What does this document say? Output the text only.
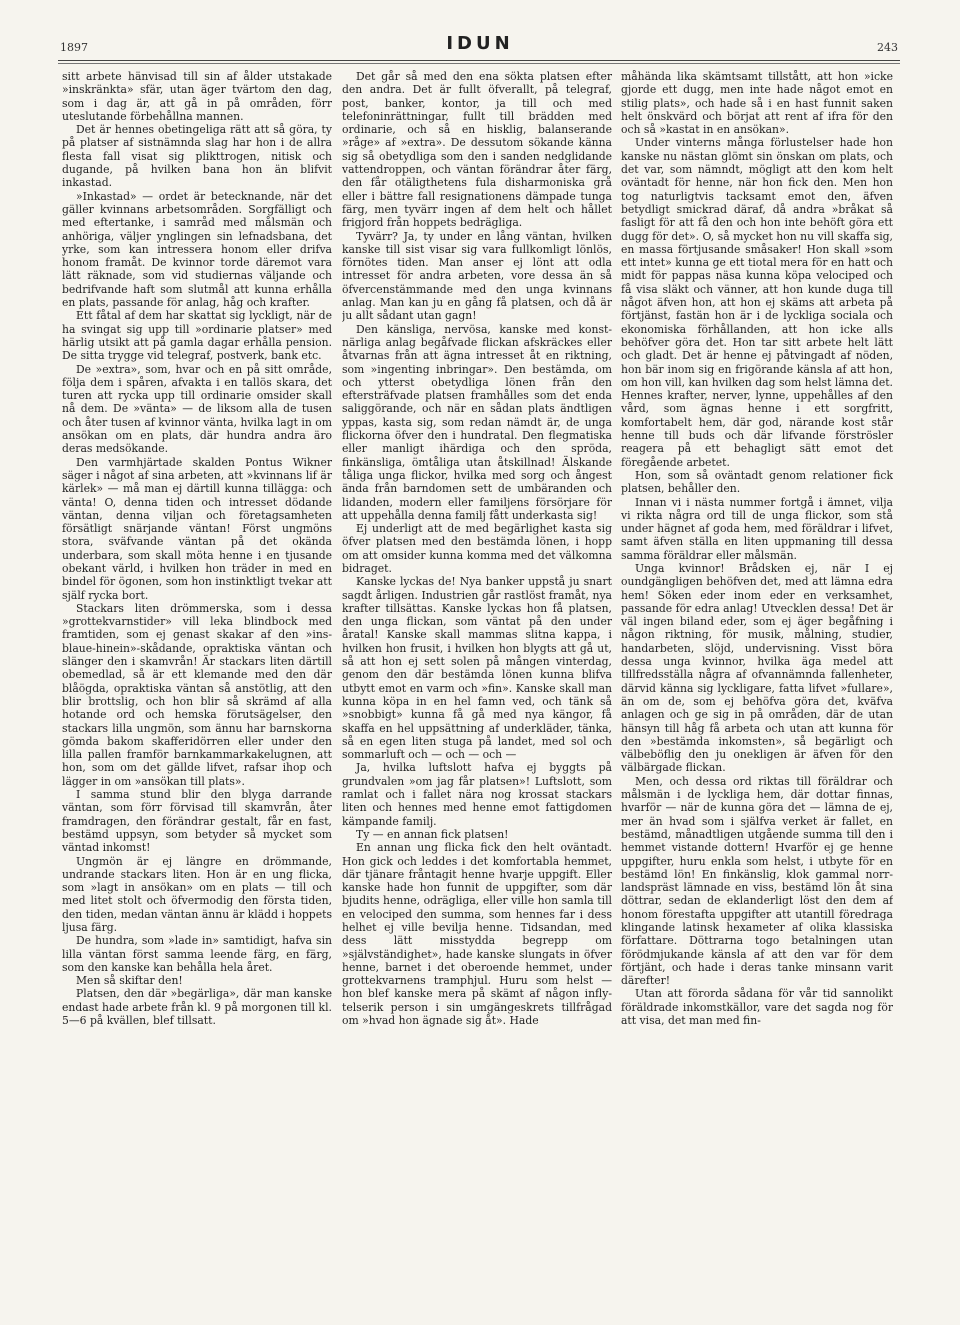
1897	IDUN	243

sitt arbete hänvisad till sin af ålder utstakade »inskränkta» sfär, utan äger tvärtom den dag, som i dag är, att gå in på områden, förr uteslutande förbehållna mannen.

Det är hennes obetingeliga rätt att så göra, ty på platser af sistnämnda slag har hon i de allra flesta fall visat sig plikttrogen, nitisk och dugande, på hvilken bana hon än blifvit inkastad.

»Inkastad» — ordet är betecknande, när det gäller kvinnans arbetsområden. Sorgfälligt och med eftertanke, i samråd med målsmän och anhöriga, väljer ynglingen sin lefnadsbana, det yrke, som kan intressera honom eller drifva honom framåt. De kvinnor torde däremot vara lätt räknade, som vid studiernas väljande och bedrifvande haft som slutmål att kunna erhålla en plats, passande för anlag, håg och krafter.

Ett fåtal af dem har skattat sig lyckligt, när de ha svingat sig upp till »ordinarie platser» med härlig utsikt att på gamla dagar erhålla pension. De sitta trygge vid telegraf, postverk, bank etc.

De »extra», som, hvar och en på sitt område, följa dem i spåren, afvakta i en tallös skara, det turen att rycka upp till ordinarie omsider skall nå dem. De »vänta» — de liksom alla de tusen och åter tusen af kvinnor vänta, hvilka lagt in om ansökan om en plats, där hundra andra äro deras medsökande.

Den varmhjärtade skalden Pontus Wikner säger i något af sina arbeten, att »kvinnans lif är kärlek» — må man ej därtill kunna tillägga: och vänta! O, denna tiden och intresset dödande väntan, denna viljan och företagsamheten försätligt snärjande väntan! Först ungmöns stora, sväfvande väntan på det okända underbara, som skall möta henne i en tjusande obekant värld, i hvilken hon träder in med en bindel för ögonen, som hon instinktligt tvekar att själf rycka bort.

Stackars liten drömmerska, som i dessa »grottekvarnstider» vill leka blindbock med framtiden, som ej genast skakar af den »ins-blaue-hinein»-skådande, opraktiska väntan och slänger den i skamvrån! Är stackars liten därtill obemedlad, så är ett klemande med den där blåögda, opraktiska väntan så anstötlig, att den blir brottslig, och hon blir så skrämd af alla hotande ord och hemska förutsägelser, den stackars lilla ungmön, som ännu har barnskorna gömda bakom skafferidörren eller under den lilla pallen framför barnkammarkakelugnen, att hon, som om det gällde lifvet, rafsar ihop och lägger in om »ansökan till plats».

I samma stund blir den blyga darrande väntan, som förr förvisad till skamvrån, åter framdragen, den förändrar gestalt, får en fast, bestämd uppsyn, som betyder så mycket som väntad inkomst!

Ungmön är ej längre en drömmande, undrande stackars liten. Hon är en ung flicka, som »lagt in ansökan» om en plats — till och med litet stolt och öfvermodig den första tiden, den tiden, medan väntan ännu är klädd i hoppets ljusa färg.

De hundra, som »lade in» samtidigt, hafva sin lilla väntan först samma leende färg, en färg, som den kanske kan behålla hela året.

Men så skiftar den!

Platsen, den där »begärliga», där man kanske endast hade arbete från kl. 9 på morgonen till kl. 5—6 på kvällen, blef tillsatt.

Det går så med den ena sökta platsen efter den andra. Det är fullt öfverallt, på telegraf, post, banker, kontor, ja till och med telefoninrättningar, fullt till brädden med ordinarie, och så en hisklig, balanserande »råge» af »extra». De dessutom sökande känna sig så obetydliga som den i sanden nedglidande vattendroppen, och väntan förändrar åter färg, den får otäligthetens fula disharmoniska grå eller i bättre fall resignationens dämpade tunga färg, men tyvärr ingen af dem helt och hållet frigjord från hoppets bedrägliga.

Tyvärr? Ja, ty under en lång väntan, hvilken kanske till sist visar sig vara fullkomligt lönlös, förnötes tiden. Man anser ej lönt att odla intresset för andra arbeten, vore dessa än så öfvercenstämmande med den unga kvinnans anlag. Man kan ju en gång få platsen, och då är ju allt sådant utan gagn!

Den känsliga, nervösa, kanske med konstnärliga anlag begåfvade flickan afskräckes eller åtvarnas från att ägna intresset åt en riktning, som »ingenting inbringar». Den bestämda, om och ytterst obetydliga lönen från den eftersträfvade platsen framhålles som det enda saliggörande, och när en sådan plats ändtligen yppas, kasta sig, som redan nämdt är, de unga flickorna öfver den i hundratal. Den flegmatiska eller manligt ihärdiga och den spröda, finkänsliga, ömtåliga utan åtskillnad! Älskande tåliga unga flickor, hvilka med sorg och ångest ända från barndomen sett de umbäranden och lidanden, modern eller familjens försörjare för att uppehålla denna familj fått underkasta sig!

Ej underligt att de med begärlighet kasta sig öfver platsen med den bestämda lönen, i hopp om att omsider kunna komma med det välkomna bidraget.

Kanske lyckas de! Nya banker uppstå ju snart sagdt årligen. Industrien går rastlöst framåt, nya krafter tillsättas. Kanske lyckas hon få platsen, den unga flickan, som väntat på den under åratal! Kanske skall mammas slitna kappa, i hvilken hon frusit, i hvilken hon blygts att gå ut, så att hon ej sett solen på mången vinterdag, genom den där bestämda lönen kunna blifva utbytt emot en varm och »fin». Kanske skall man kunna köpa in en hel famn ved, och tänk så »snobbigt» kunna få gå med nya kängor, få skaffa en hel uppsättning af underkläder, tänka, så en egen liten stuga på landet, med sol och sommarluft och — och — och —

Ja, hvilka luftslott hafva ej byggts på grundvalen »om jag får platsen»! Luftslott, som ramlat och i fallet nära nog krossat stackars liten och hennes med henne emot fattigdomen kämpande familj.

Ty — en annan fick platsen!

En annan ung flicka fick den helt oväntadt. Hon gick och leddes i det komfortabla hemmet, där tjänare fråntagit henne hvarje uppgift. Eller kanske hade hon funnit de uppgifter, som där bjudits henne, odrägliga, eller ville hon samla till en velociped den summa, som hennes far i dess helhet ej ville bevilja henne. Tidsandan, med dess lätt misstydda begrepp om »självständighet», hade kanske slungats in öfver henne, barnet i det oberoende hemmet, under grottekvarnens tramphjul. Huru som helst — hon blef kanske mera på skämt af någon inflytelserik person i sin umgängeskrets tillfrågad om »hvad hon ägnade sig åt». Hade

måhända lika skämtsamt tillstått, att hon »icke gjorde ett dugg, men inte hade något emot en stilig plats», och hade så i en hast funnit saken helt önskvärd och börjat att rent af ifra för den och så »kastat in en ansökan».

Under vinterns många förlustelser hade hon kanske nu nästan glömt sin önskan om plats, och det var, som nämndt, mögligt att den kom helt oväntadt för henne, när hon fick den. Men hon tog naturligtvis tacksamt emot den, äfven betydligt smickrad däraf, då andra »bråkat så fasligt för att få den och hon inte behöft göra ett dugg för det». O, så mycket hon nu vill skaffa sig, en massa förtjusande småsaker! Hon skall »som ett intet» kunna ge ett tiotal mera för en hatt och midt för pappas näsa kunna köpa velociped och få visa släkt och vänner, att hon kunde duga till något äfven hon, att hon ej skäms att arbeta på förtjänst, fastän hon är i de lyckliga sociala och ekonomiska förhållanden, att hon icke alls behöfver göra det. Hon tar sitt arbete helt lätt och gladt. Det är henne ej påtvingadt af nöden, hon bär inom sig en frigörande känsla af att hon, om hon vill, kan hvilken dag som helst lämna det. Hennes krafter, nerver, lynne, uppehålles af den vård, som ägnas henne i ett sorgfritt, komfortabelt hem, där god, närande kost står henne till buds och där lifvande förströsler reagera på ett behagligt sätt emot det föregående arbetet.

Hon, som så oväntadt genom relationer fick platsen, behåller den.

Innan vi i nästa nummer fortgå i ämnet, vilja vi rikta några ord till de unga flickor, som stå under hägnet af goda hem, med föräldrar i lifvet, samt äfven ställa en liten uppmaning till dessa samma föräldrar eller målsmän.

Unga kvinnor! Brådsken ej, när I ej oundgängligen behöfven det, med att lämna edra hem! Söken eder inom eder en verksamhet, passande för edra anlag! Utvecklen dessa! Det är väl ingen biland eder, som ej äger begåfning i någon riktning, för musik, målning, studier, handarbeten, slöjd, undervisning. Visst böra dessa unga kvinnor, hvilka äga medel att tillfredsställa några af ofvannämnda fallenheter, därvid känna sig lyckligare, fatta lifvet »fullare», än om de, som ej behöfva göra det, kväfva anlagen och ge sig in på områden, där de utan hänsyn till håg få arbeta och utan att kunna för den »bestämda inkomsten», så begärligt och välbeböflig den ju onekligen är äfven för den välbärgade flickan.

Men, och dessa ord riktas till föräldrar och målsmän i de lyckliga hem, där dottar finnas, hvarför — när de kunna göra det — lämna de ej, mer än hvad som i själfva verket är fallet, en bestämd, månadtligen utgående summa till den i hemmet vistande dottern! Hvarför ej ge henne uppgifter, huru enkla som helst, i utbyte för en bestämd lön! En finkänslig, klok gammal norrlandspräst lämnade en viss, bestämd lön åt sina döttrar, sedan de eklanderligt löst den dem af honom förestafta uppgifter att utantill föredraga klingande latinsk hexameter af olika klassiska författare. Döttrarna togo betalningen utan förödmjukande känsla af att den var för dem förtjänt, och hade i deras tanke minsann varit däreftеr!

Utan att förorda sådana för vår tid sannolikt föräldrade inkomstkällor, vare det sagda nog för att visa, det man med fin-
